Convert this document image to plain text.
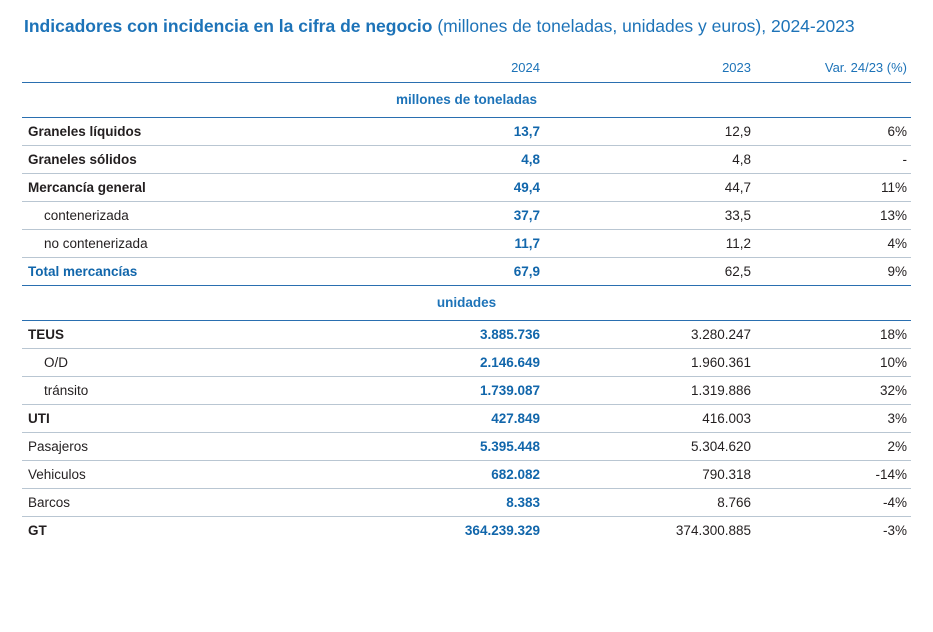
Indicadores con incidencia en la cifra de negocio (millones de toneladas, unidades y euros), 2024-2023
	2024	2023	Var. 24/23 (%)
millones de toneladas			
Graneles líquidos	13,7	12,9	6%
Graneles sólidos	4,8	4,8	-
Mercancía general	49,4	44,7	11%
contenerizada	37,7	33,5	13%
no contenerizada	11,7	11,2	4%
Total mercancías	67,9	62,5	9%
unidades			
TEUS	3.885.736	3.280.247	18%
O/D	2.146.649	1.960.361	10%
tránsito	1.739.087	1.319.886	32%
UTI	427.849	416.003	3%
Pasajeros	5.395.448	5.304.620	2%
Vehiculos	682.082	790.318	-14%
Barcos	8.383	8.766	-4%
GT	364.239.329	374.300.885	-3%
